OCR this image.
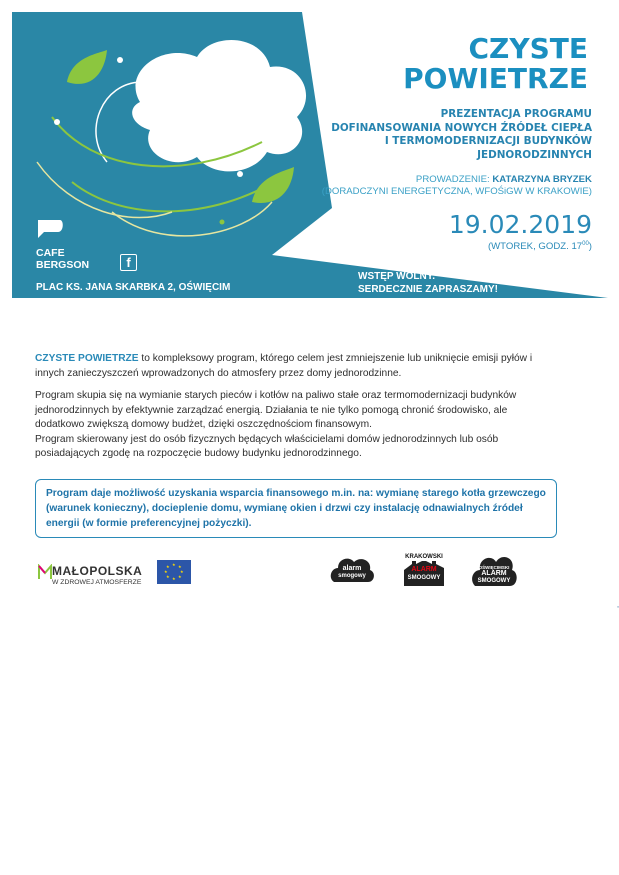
CZYSTE
POWIETRZE
PREZENTACJA PROGRAMU
DOFINANSOWANIA NOWYCH ŹRÓDEŁ CIEPŁA
I TERMOMODERNIZACJI BUDYNKÓW
JEDNORODZINNYCH
PROWADZENIE: KATARZYNA BRYZEK
(DORADCZYNI ENERGETYCZNA, WFOŚiGW W KRAKOWIE)
19.02.2019
(WTOREK, GODZ. $17^{00}$)
WSTĘP WOLNY.
SERDECZNIE ZAPRASZAMY!
CAFE
BERGSON	f
PLAC KS. JANA SKARBKA 2, OŚWIĘCIM

CZYSTE POWIETRZE to kompleksowy program, którego celem jest zmniejszenie lub uniknięcie emisji pyłów i innych zanieczyszczeń wprowadzonych do atmosfery przez domy jednorodzinne.

Program skupia się na wymianie starych pieców i kotłów na paliwo stałe oraz termomodernizacji budynków jednorodzinnych by efektywnie zarządzać energią. Działania te nie tylko pomogą chronić środowisko, ale dodatkowo zwiększą domowy budżet, dzięki oszczędnościom finansowym.

Program skierowany jest do osób fizycznych będących właścicielami domów jednorodzinnych lub osób posiadających zgodę na rozpoczęcie budowy budynku jednorodzinnego.

Program daje możliwość uzyskania wsparcia finansowego m.in. na: wymianę starego kotła grzewczego (warunek konieczny), docieplenie domu, wymianę okien i drzwi czy instalację odnawialnych źródeł energii (w formie preferencyjnej pożyczki).

MAŁOPOLSKA
W ZDROWEJ ATMOSFERZE
★ ★
★
★
★
★
★
★	alarm
smogowy
KRAKOWSKI
ALARM
SMOGOWY
OŚWIĘCIMSKI
ALARM
SMOGOWY
